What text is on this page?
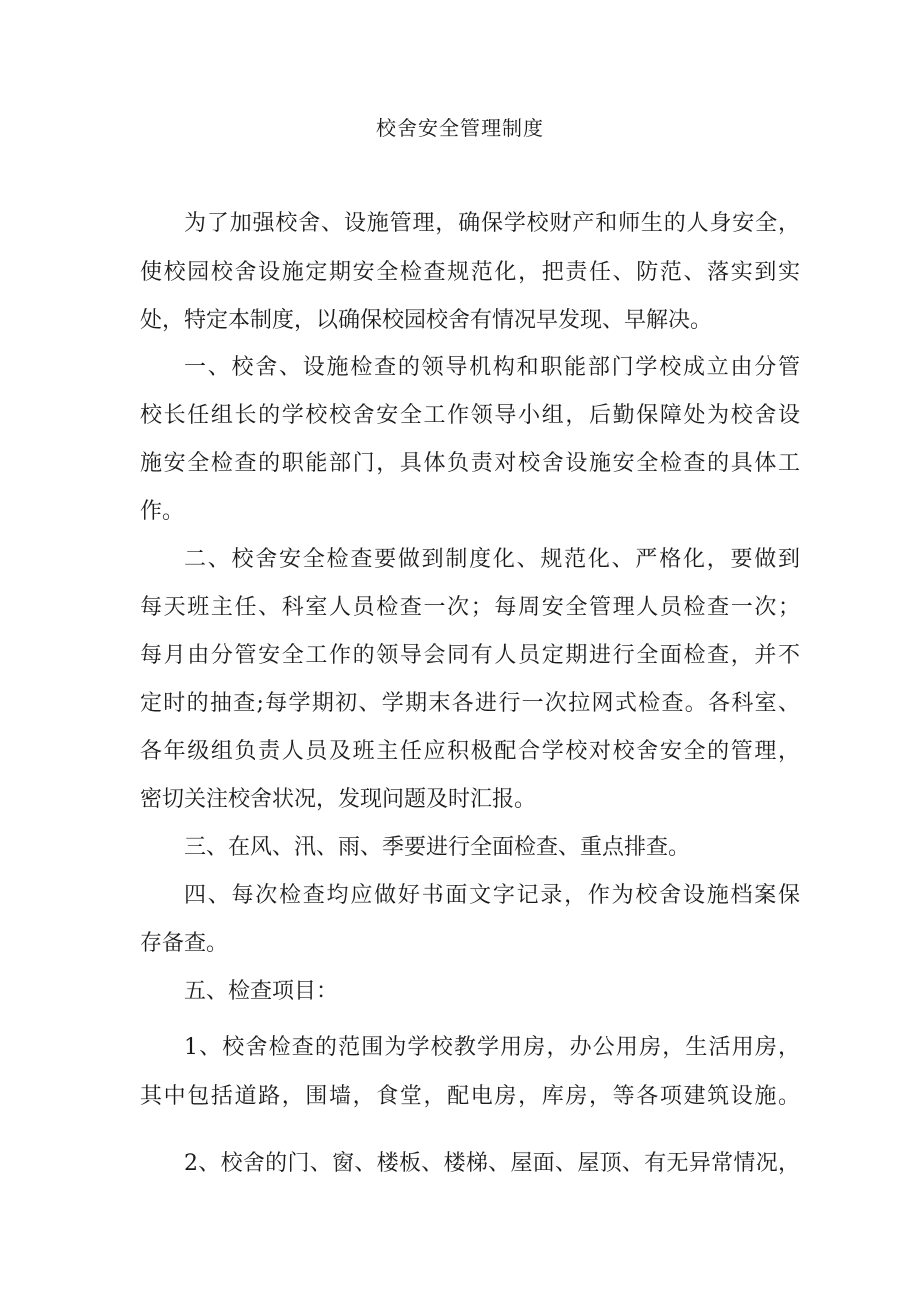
校舍安全管理制度
为了加强校舍、设施管理，确保学校财产和师生的人身安全，
使校园校舍设施定期安全检查规范化，把责任、防范、落实到实
处，特定本制度，以确保校园校舍有情况早发现、早解决。
一、校舍、设施检查的领导机构和职能部门学校成立由分管
校长任组长的学校校舍安全工作领导小组，后勤保障处为校舍设
施安全检查的职能部门，具体负责对校舍设施安全检查的具体工
作。
二、校舍安全检查要做到制度化、规范化、严格化，要做到
每天班主任、科室人员检查一次；每周安全管理人员检查一次；
每月由分管安全工作的领导会同有人员定期进行全面检查，并不
定时的抽查;每学期初、学期末各进行一次拉网式检查。各科室、
各年级组负责人员及班主任应积极配合学校对校舍安全的管理，
密切关注校舍状况，发现问题及时汇报。
三、在风、汛、雨、季要进行全面检查、重点排查。
四、每次检查均应做好书面文字记录，作为校舍设施档案保
存备查。
五、检查项目：
1、校舍检查的范围为学校教学用房，办公用房，生活用房，
其中包括道路，围墙，食堂，配电房，库房，等各项建筑设施。
2、校舍的门、窗、楼板、楼梯、屋面、屋顶、有无异常情况，
